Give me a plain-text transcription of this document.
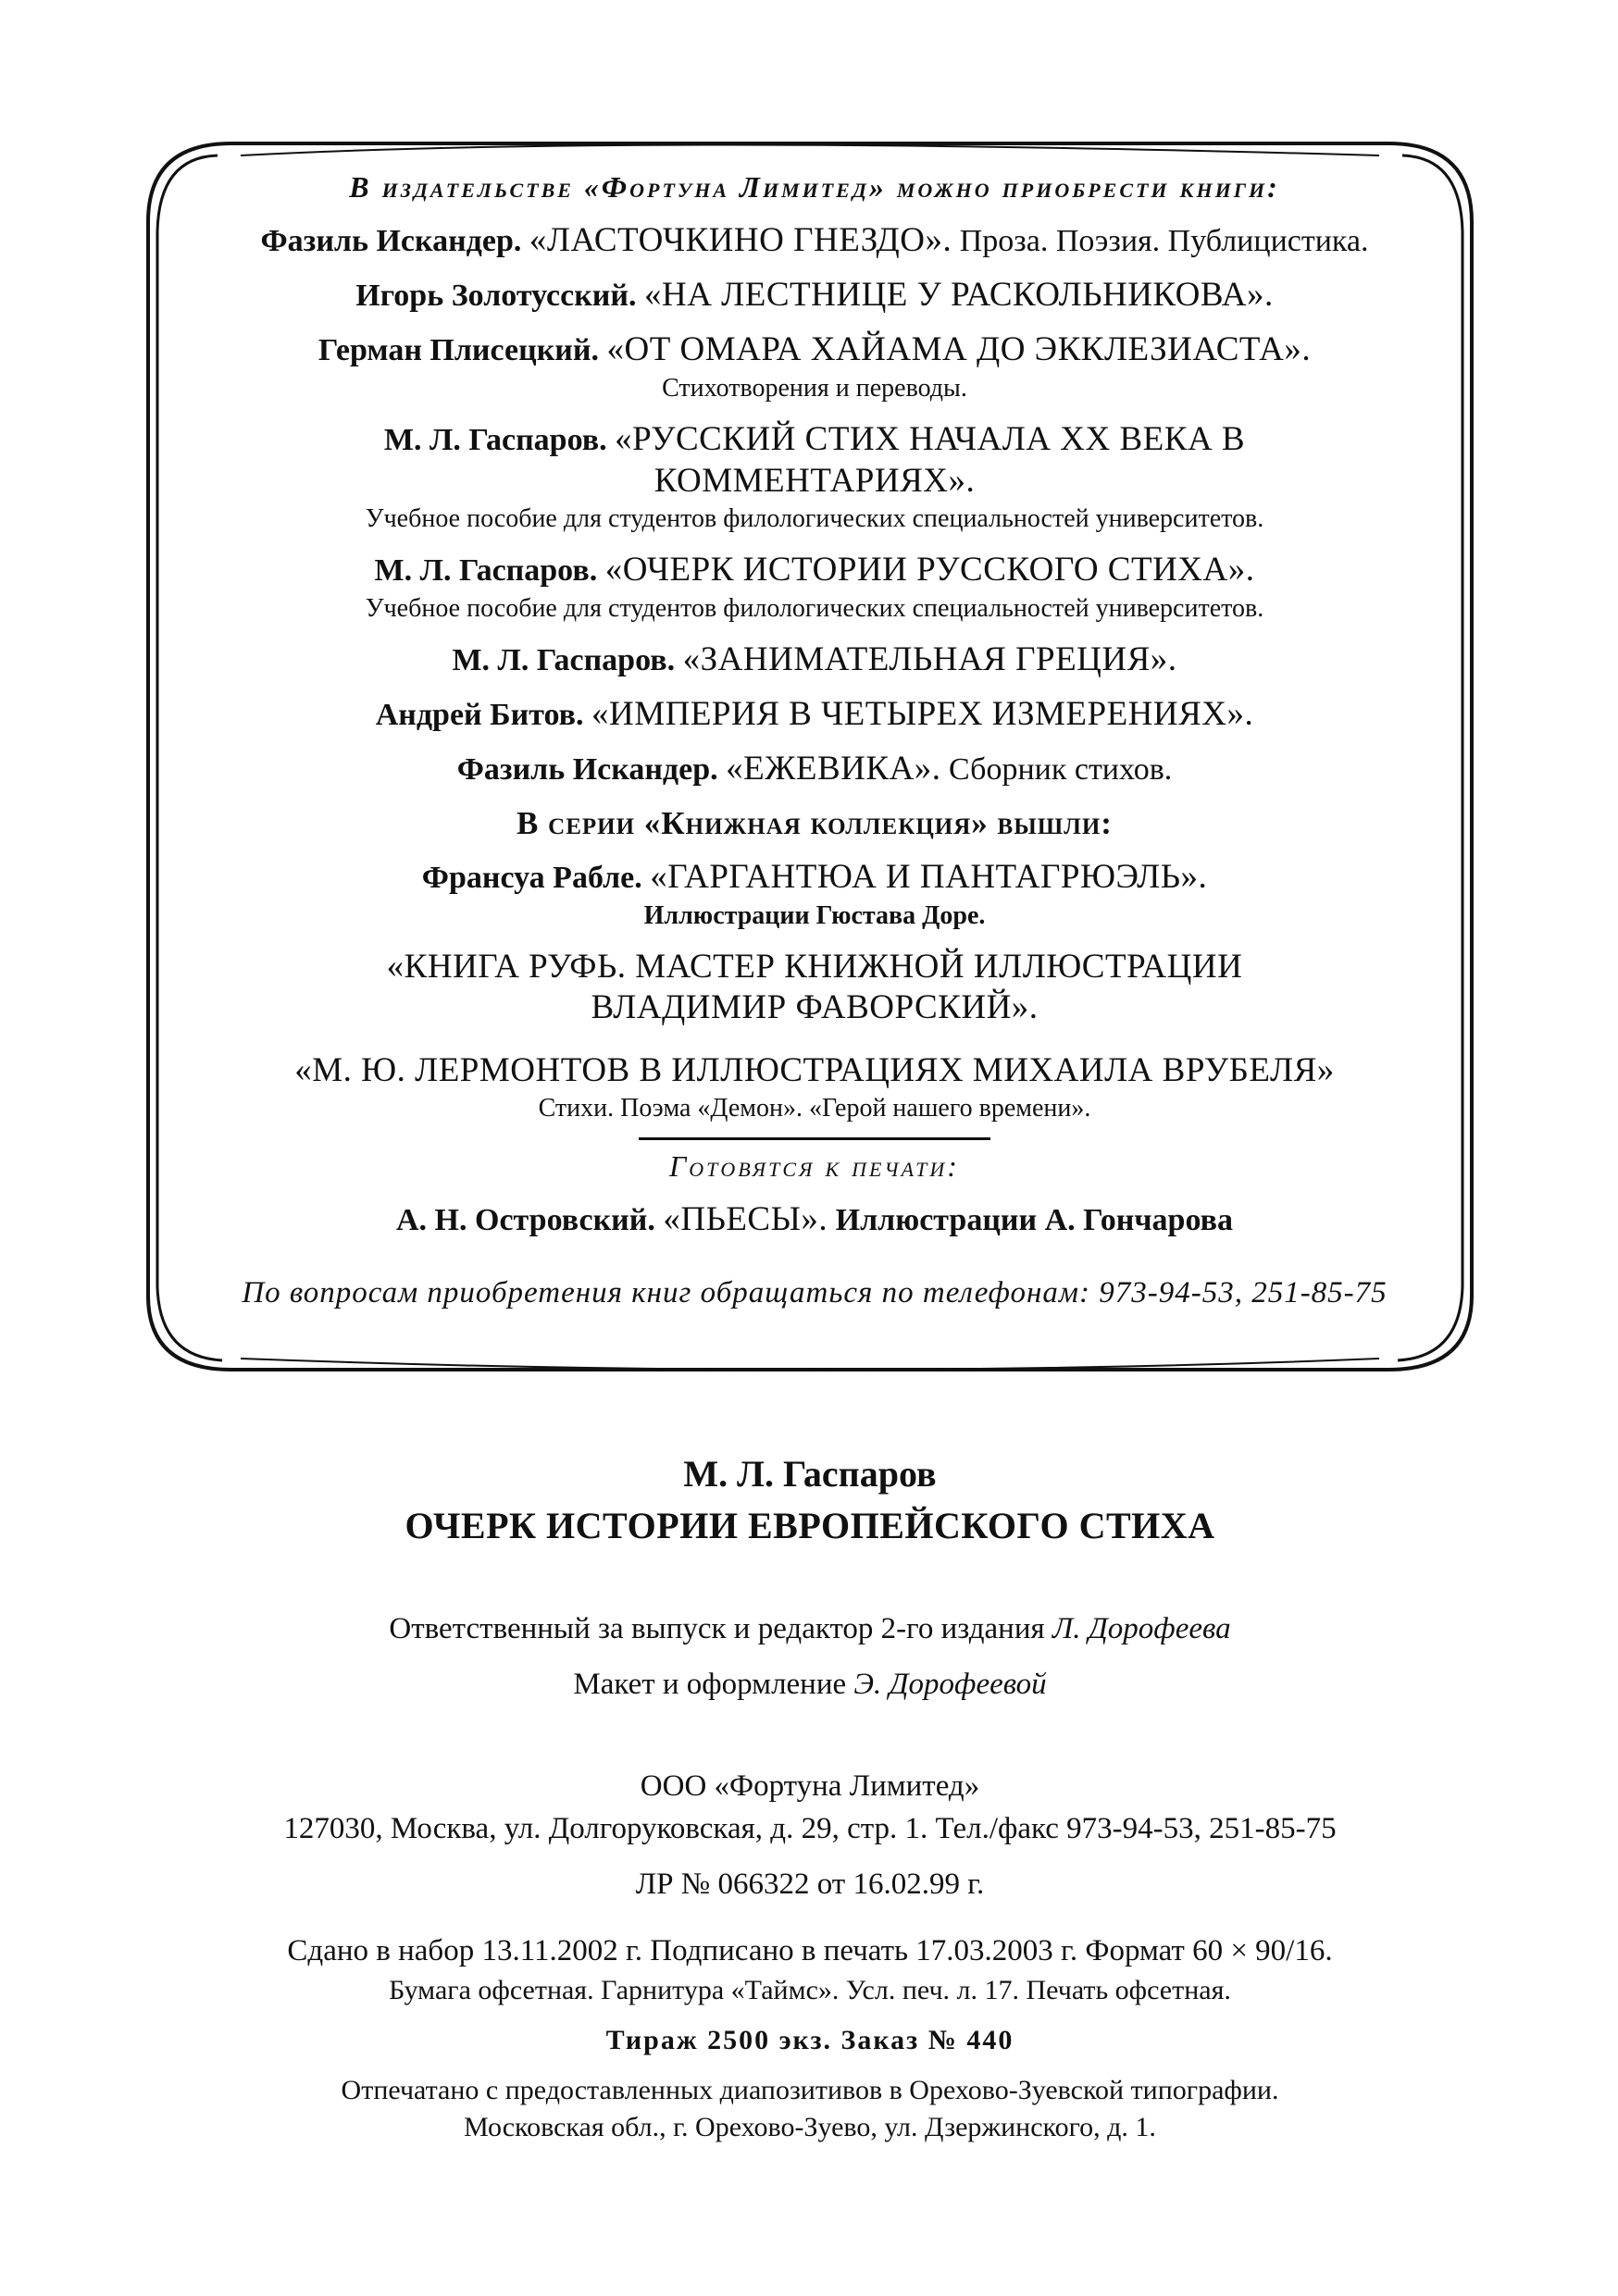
В издательстве «Фортуна Лимитед» можно приобрести книги:
Фазиль Искандер. «ЛАСТОЧКИНО ГНЕЗДО». Проза. Поэзия. Публицистика.
Игорь Золотусский. «НА ЛЕСТНИЦЕ У РАСКОЛЬНИКОВА».
Герман Плисецкий. «ОТ ОМАРА ХАЙАМА ДО ЭККЛЕЗИАСТА».
Стихотворения и переводы.
М. Л. Гаспаров. «РУССКИЙ СТИХ НАЧАЛА XX ВЕКА В
КОММЕНТАРИЯХ».
Учебное пособие для студентов филологических специальностей университетов.
М. Л. Гаспаров. «ОЧЕРК ИСТОРИИ РУССКОГО СТИХА».
Учебное пособие для студентов филологических специальностей университетов.
М. Л. Гаспаров. «ЗАНИМАТЕЛЬНАЯ ГРЕЦИЯ».
Андрей Битов. «ИМПЕРИЯ В ЧЕТЫРЕХ ИЗМЕРЕНИЯХ».
Фазиль Искандер. «ЕЖЕВИКА». Сборник стихов.
В серии «Книжная коллекция» вышли:
Франсуа Рабле. «ГАРГАНТЮА И ПАНТАГРЮЭЛЬ».
Иллюстрации Гюстава Доре.
«КНИГА РУФЬ. МАСТЕР КНИЖНОЙ ИЛЛЮСТРАЦИИ
ВЛАДИМИР ФАВОРСКИЙ».
«М. Ю. ЛЕРМОНТОВ В ИЛЛЮСТРАЦИЯХ МИХАИЛА ВРУБЕЛЯ»
Стихи. Поэма «Демон». «Герой нашего времени».
Готовятся к печати:
А. Н. Островский. «ПЬЕСЫ». Иллюстрации А. Гончарова
По вопросам приобретения книг обращаться по телефонам: 973-94-53, 251-85-75
М. Л. Гаспаров
ОЧЕРК ИСТОРИИ ЕВРОПЕЙСКОГО СТИХА
Ответственный за выпуск и редактор 2-го издания Л. Дорофеева
Макет и оформление Э. Дорофеевой
ООО «Фортуна Лимитед»
127030, Москва, ул. Долгоруковская, д. 29, стр. 1. Тел./факс 973-94-53, 251-85-75
ЛР № 066322 от 16.02.99 г.
Сдано в набор 13.11.2002 г. Подписано в печать 17.03.2003 г. Формат 60 × 90/16.
Бумага офсетная. Гарнитура «Таймс». Усл. печ. л. 17. Печать офсетная.
Тираж 2500 экз. Заказ № 440
Отпечатано с предоставленных диапозитивов в Орехово-Зуевской типографии.
Московская обл., г. Орехово-Зуево, ул. Дзержинского, д. 1.
